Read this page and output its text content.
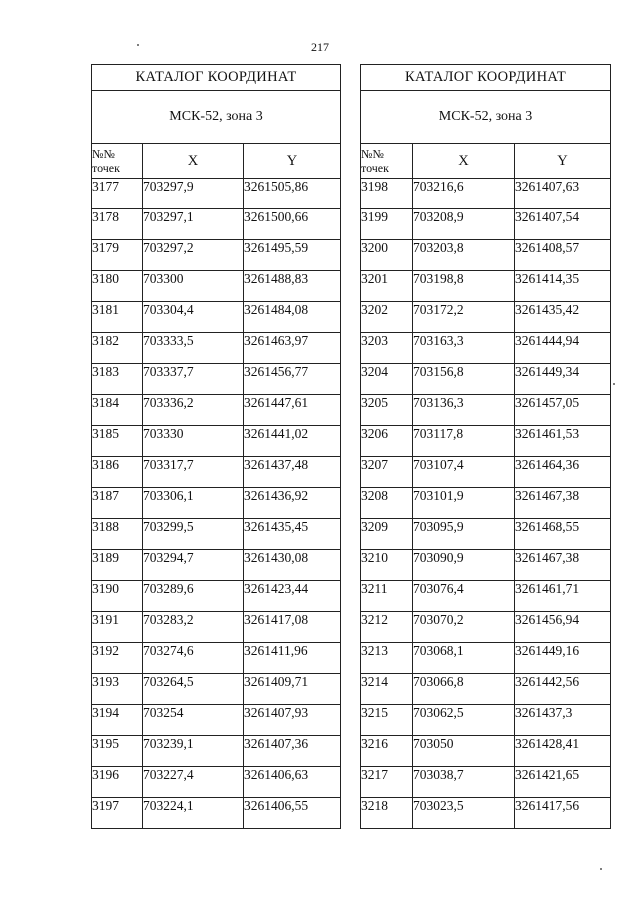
217
КАТАЛОГ КООРДИНАТ		
МСК-52, зона 3		
№№
точек	X	Y
3177	703297,9	3261505,86
3178	703297,1	3261500,66
3179	703297,2	3261495,59
3180	703300	3261488,83
3181	703304,4	3261484,08
3182	703333,5	3261463,97
3183	703337,7	3261456,77
3184	703336,2	3261447,61
3185	703330	3261441,02
3186	703317,7	3261437,48
3187	703306,1	3261436,92
3188	703299,5	3261435,45
3189	703294,7	3261430,08
3190	703289,6	3261423,44
3191	703283,2	3261417,08
3192	703274,6	3261411,96
3193	703264,5	3261409,71
3194	703254	3261407,93
3195	703239,1	3261407,36
3196	703227,4	3261406,63
3197	703224,1	3261406,55
КАТАЛОГ КООРДИНАТ		
МСК-52, зона 3		
№№
точек	X	Y
3198	703216,6	3261407,63
3199	703208,9	3261407,54
3200	703203,8	3261408,57
3201	703198,8	3261414,35
3202	703172,2	3261435,42
3203	703163,3	3261444,94
3204	703156,8	3261449,34
3205	703136,3	3261457,05
3206	703117,8	3261461,53
3207	703107,4	3261464,36
3208	703101,9	3261467,38
3209	703095,9	3261468,55
3210	703090,9	3261467,38
3211	703076,4	3261461,71
3212	703070,2	3261456,94
3213	703068,1	3261449,16
3214	703066,8	3261442,56
3215	703062,5	3261437,3
3216	703050	3261428,41
3217	703038,7	3261421,65
3218	703023,5	3261417,56
